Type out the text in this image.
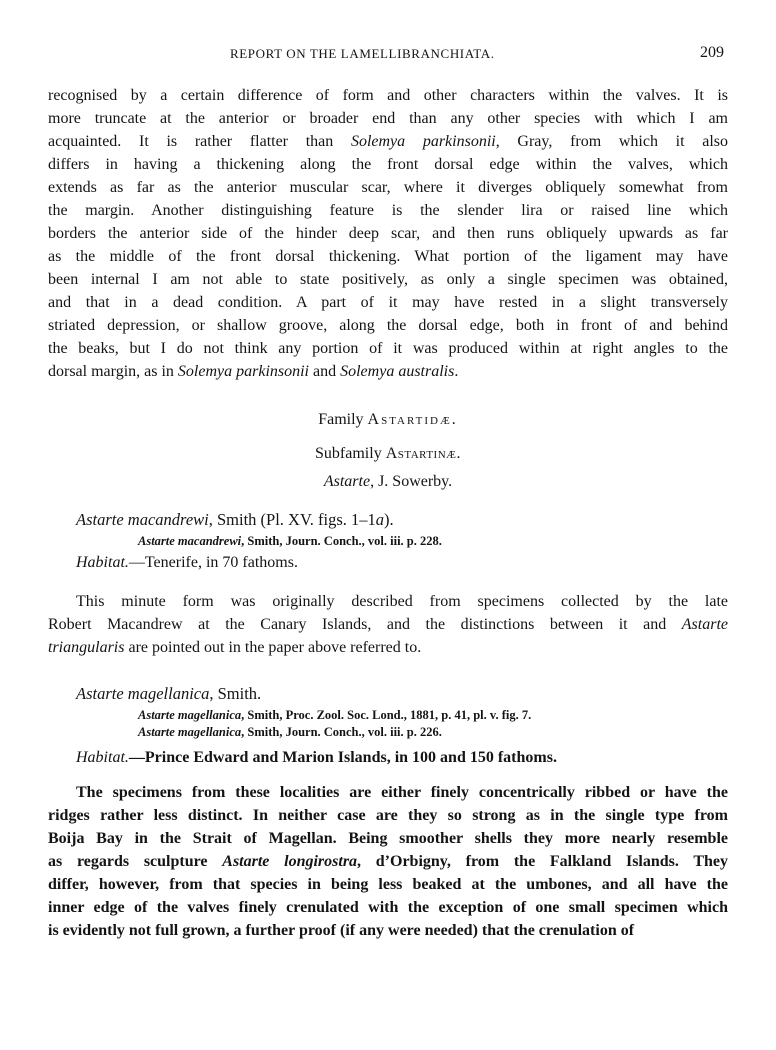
REPORT ON THE LAMELLIBRANCHIATA.	209

recognised by a certain difference of form and other characters within the valves. It is
more truncate at the anterior or broader end than any other species with which I am
acquainted. It is rather flatter than Solemya parkinsonii, Gray, from which it also
differs in having a thickening along the front dorsal edge within the valves, which
extends as far as the anterior muscular scar, where it diverges obliquely somewhat from
the margin. Another distinguishing feature is the slender lira or raised line which
borders the anterior side of the hinder deep scar, and then runs obliquely upwards as far
as the middle of the front dorsal thickening. What portion of the ligament may have
been internal I am not able to state positively, as only a single specimen was obtained,
and that in a dead condition. A part of it may have rested in a slight transversely
striated depression, or shallow groove, along the dorsal edge, both in front of and behind
the beaks, but I do not think any portion of it was produced within at right angles to the
dorsal margin, as in Solemya parkinsonii and Solemya australis.

Family Astartidæ.

Subfamily Astartinæ.

Astarte, J. Sowerby.

Astarte macandrewi, Smith (Pl. XV. figs. 1–1a).

Astarte macandrewi, Smith, Journ. Conch., vol. iii. p. 228.

Habitat.—Tenerife, in 70 fathoms.

This minute form was originally described from specimens collected by the late
Robert Macandrew at the Canary Islands, and the distinctions between it and Astarte
triangularis are pointed out in the paper above referred to.

Astarte magellanica, Smith.

Astarte magellanica, Smith, Proc. Zool. Soc. Lond., 1881, p. 41, pl. v. fig. 7.

Astarte magellanica, Smith, Journ. Conch., vol. iii. p. 226.

Habitat.—Prince Edward and Marion Islands, in 100 and 150 fathoms.

The specimens from these localities are either finely concentrically ribbed or have the
ridges rather less distinct. In neither case are they so strong as in the single type from
Boija Bay in the Strait of Magellan. Being smoother shells they more nearly resemble
as regards sculpture Astarte longirostra, d’Orbigny, from the Falkland Islands. They
differ, however, from that species in being less beaked at the umbones, and all have the
inner edge of the valves finely crenulated with the exception of one small specimen which
is evidently not full grown, a further proof (if any were needed) that the crenulation of
